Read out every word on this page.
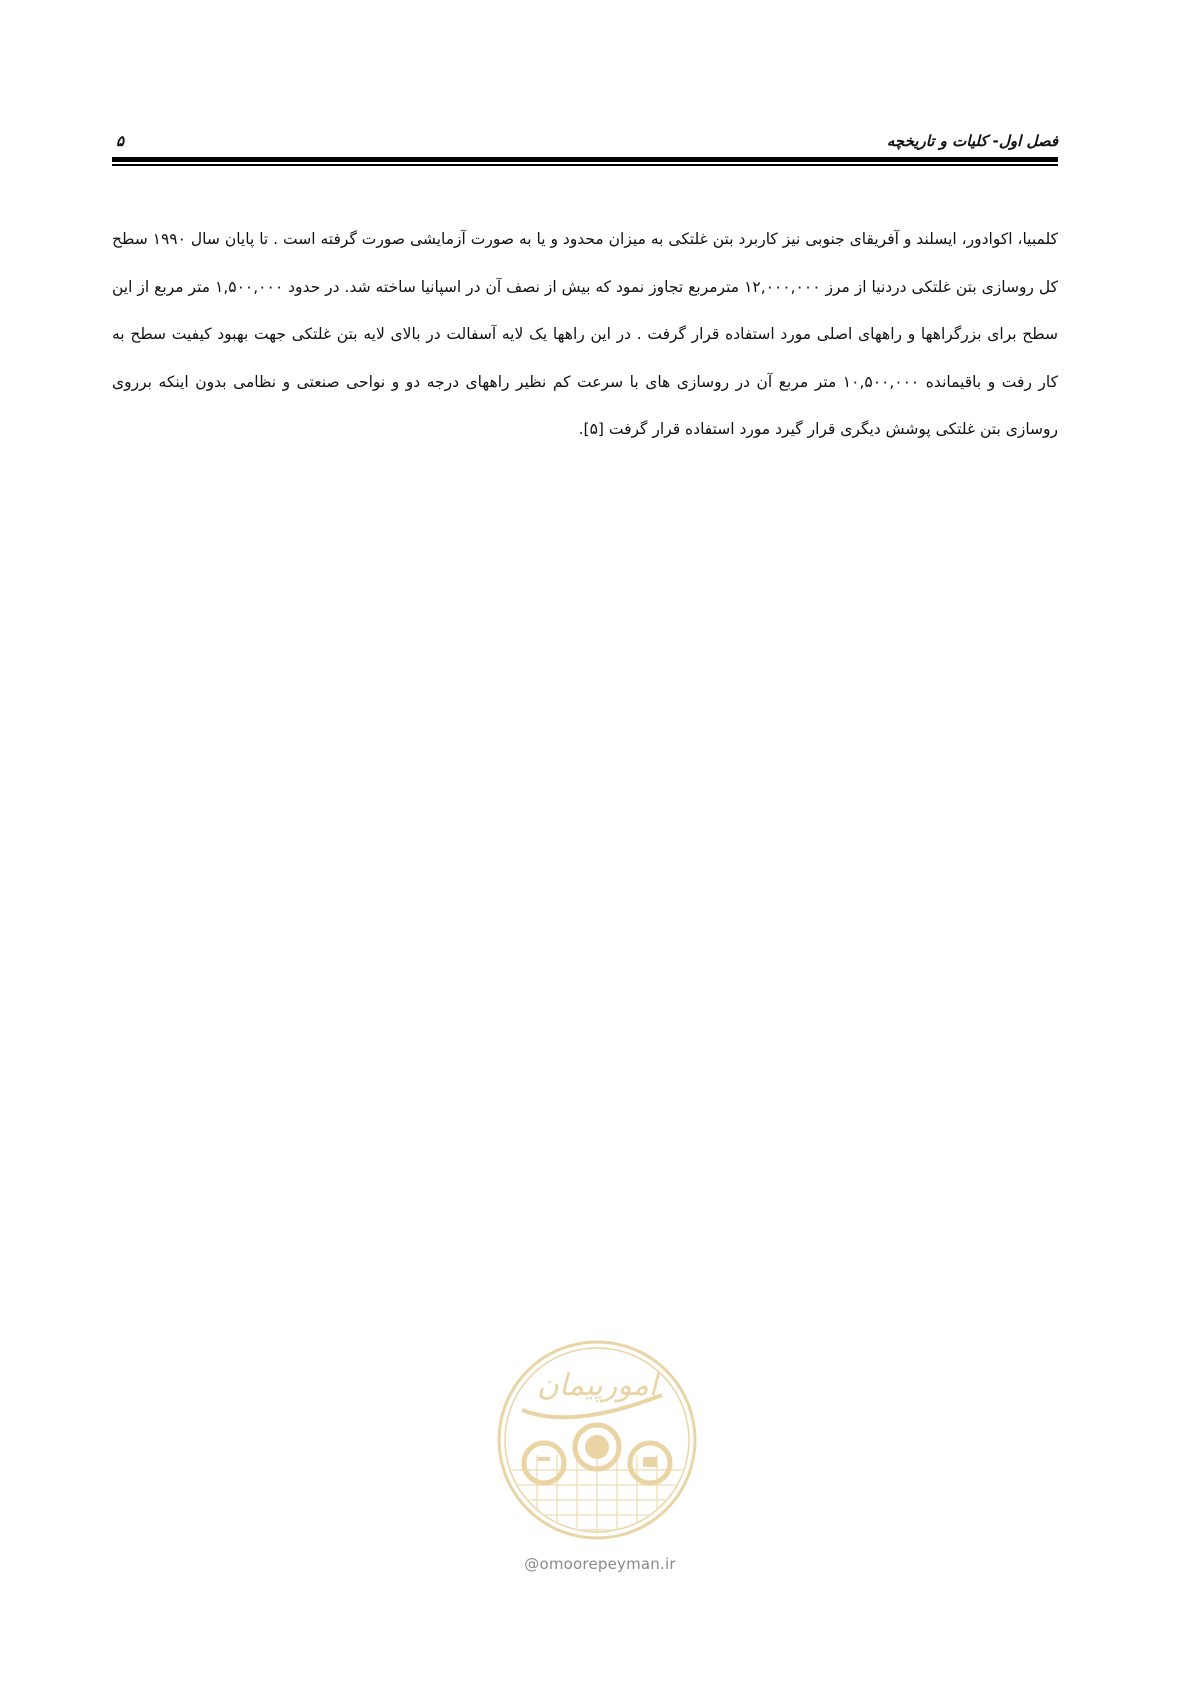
فصل اول- کلیات و تاریخچه
۵

کلمبیا، اکوادور، ایسلند و آفریقای جنوبی نیز کاربرد بتن غلتکی به میزان محدود و یا به صورت آزمایشی صورت گرفته است . تا پایان سال ۱۹۹۰ سطح کل روسازی بتن غلتکی دردنیا از مرز ۱۲,۰۰۰,۰۰۰ مترمربع تجاوز نمود که بیش از نصف آن در اسپانیا ساخته شد. در حدود ۱,۵۰۰,۰۰۰ متر مربع از این سطح برای بزرگراهها و راههای اصلی مورد استفاده قرار گرفت . در این راهها یک لایه آسفالت در بالای لایه بتن غلتکی جهت بهبود کیفیت سطح به کار رفت و باقیمانده ۱۰,۵۰۰,۰۰۰ متر مربع آن در روسازی های با سرعت کم نظیر راههای درجه دو و نواحی صنعتی و نظامی بدون اینکه برروی روسازی بتن غلتکی پوشش دیگری قرار گیرد مورد استفاده قرار گرفت [۵].

امورپیمان
@omoorepeyman.ir
